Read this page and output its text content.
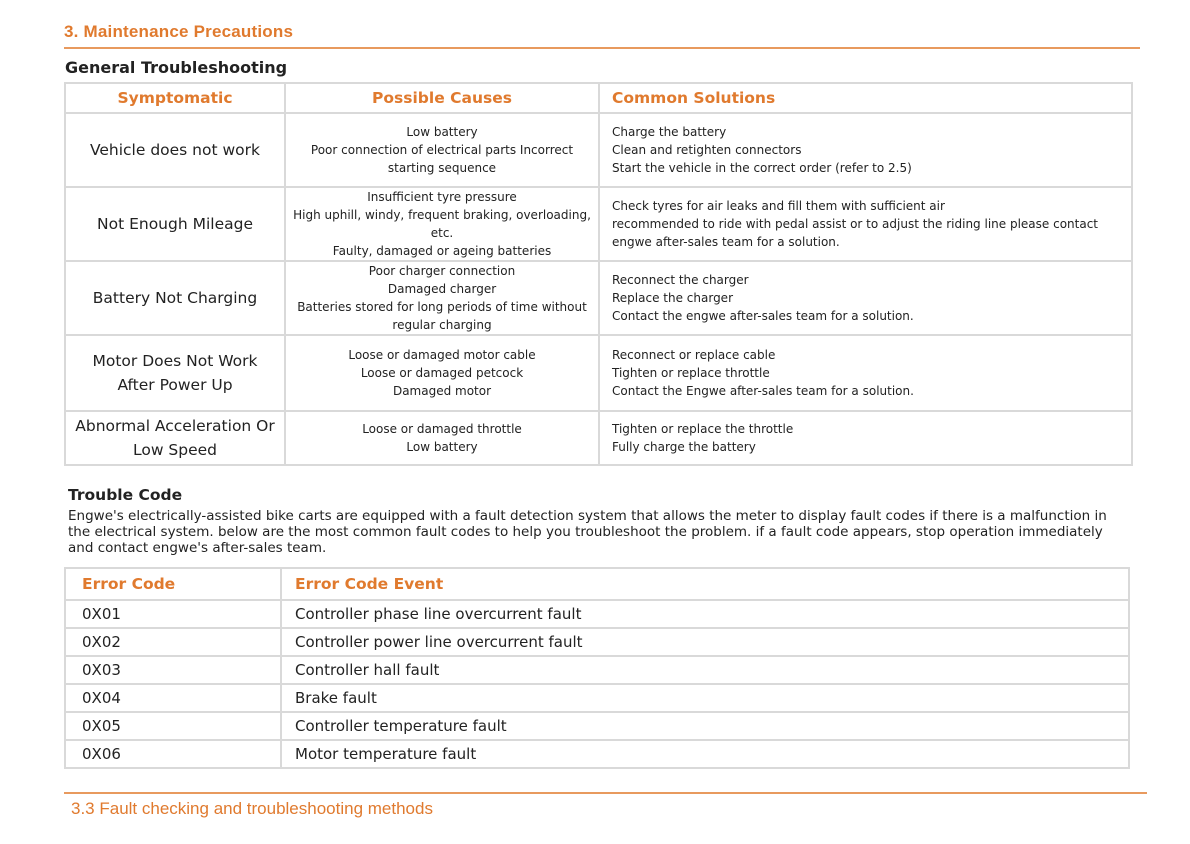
3. Maintenance Precautions
General Troubleshooting
Symptomatic	Possible Causes	Common Solutions

Vehicle does not work	Low battery
Poor connection of electrical parts Incorrect
starting sequence	Charge the battery
Clean and retighten connectors
Start the vehicle in the correct order (refer to 2.5)

Not Enough Mileage	Insufficient tyre pressure
High uphill, windy, frequent braking, overloading, etc.
Faulty, damaged or ageing batteries	Check tyres for air leaks and fill them with sufficient air
recommended to ride with pedal assist or to adjust the riding line please contact
engwe after-sales team for a solution.

Battery Not Charging	Poor charger connection
Damaged charger
Batteries stored for long periods of time without
regular charging	Reconnect the charger
Replace the charger
Contact the engwe after-sales team for a solution.

Motor Does Not Work
After Power Up	Loose or damaged motor cable
Loose or damaged petcock
Damaged motor	Reconnect or replace cable
Tighten or replace throttle
Contact the Engwe after-sales team for a solution.

Abnormal Acceleration Or
Low Speed	Loose or damaged throttle
Low battery	Tighten or replace the throttle
Fully charge the battery
Trouble Code
Engwe's electrically-assisted bike carts are equipped with a fault detection system that allows the meter to display fault codes if there is a malfunction in the electrical system. below are the most common fault codes to help you troubleshoot the problem. if a fault code appears, stop operation immediately and contact engwe's after-sales team.
Error Code	Error Code Event
0X01	Controller phase line overcurrent fault
0X02	Controller power line overcurrent fault
0X03	Controller hall fault
0X04	Brake fault
0X05	Controller temperature fault
0X06	Motor temperature fault
3.3 Fault checking and troubleshooting methods
